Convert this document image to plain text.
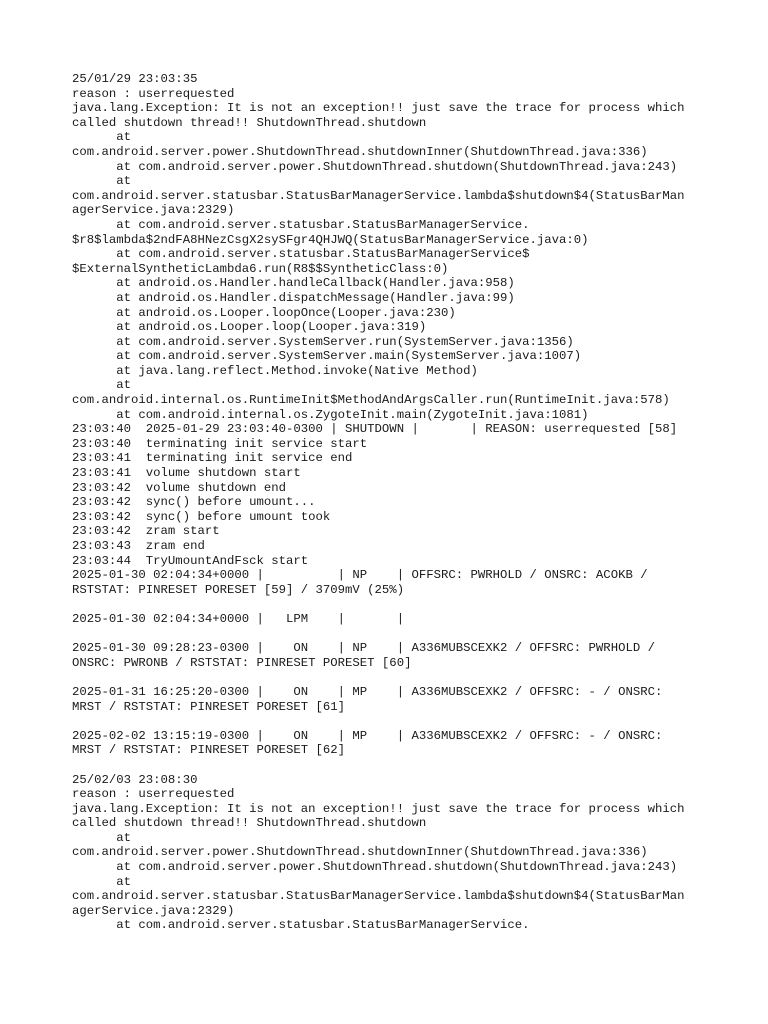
25/01/29 23:03:35
reason : userrequested
java.lang.Exception: It is not an exception!! just save the trace for process which
called shutdown thread!! ShutdownThread.shutdown
at
com.android.server.power.ShutdownThread.shutdownInner(ShutdownThread.java:336)
at com.android.server.power.ShutdownThread.shutdown(ShutdownThread.java:243)
at
com.android.server.statusbar.StatusBarManagerService.lambda$shutdown$4(StatusBarMan
agerService.java:2329)
at com.android.server.statusbar.StatusBarManagerService.
$r8$lambda$2ndFA8HNezCsgX2sySFgr4QHJWQ(StatusBarManagerService.java:0)
at com.android.server.statusbar.StatusBarManagerService$
$ExternalSyntheticLambda6.run(R8$$SyntheticClass:0)
at android.os.Handler.handleCallback(Handler.java:958)
at android.os.Handler.dispatchMessage(Handler.java:99)
at android.os.Looper.loopOnce(Looper.java:230)
at android.os.Looper.loop(Looper.java:319)
at com.android.server.SystemServer.run(SystemServer.java:1356)
at com.android.server.SystemServer.main(SystemServer.java:1007)
at java.lang.reflect.Method.invoke(Native Method)
at
com.android.internal.os.RuntimeInit$MethodAndArgsCaller.run(RuntimeInit.java:578)
at com.android.internal.os.ZygoteInit.main(ZygoteInit.java:1081)
23:03:40  2025-01-29 23:03:40-0300 | SHUTDOWN |       | REASON: userrequested [58]
23:03:40  terminating init service start
23:03:41  terminating init service end
23:03:41  volume shutdown start
23:03:42  volume shutdown end
23:03:42  sync() before umount...
23:03:42  sync() before umount took
23:03:42  zram start
23:03:43  zram end
23:03:44  TryUmountAndFsck start
2025-01-30 02:04:34+0000 |          | NP    | OFFSRC: PWRHOLD / ONSRC: ACOKB /
RSTSTAT: PINRESET PORESET [59] / 3709mV (25%)
2025-01-30 02:04:34+0000 |   LPM    |       |
2025-01-30 09:28:23-0300 |    ON    | NP    | A336MUBSCEXK2 / OFFSRC: PWRHOLD /
ONSRC: PWRONB / RSTSTAT: PINRESET PORESET [60]
2025-01-31 16:25:20-0300 |    ON    | MP    | A336MUBSCEXK2 / OFFSRC: - / ONSRC:
MRST / RSTSTAT: PINRESET PORESET [61]
2025-02-02 13:15:19-0300 |    ON    | MP    | A336MUBSCEXK2 / OFFSRC: - / ONSRC:
MRST / RSTSTAT: PINRESET PORESET [62]
25/02/03 23:08:30
reason : userrequested
java.lang.Exception: It is not an exception!! just save the trace for process which
called shutdown thread!! ShutdownThread.shutdown
at
com.android.server.power.ShutdownThread.shutdownInner(ShutdownThread.java:336)
at com.android.server.power.ShutdownThread.shutdown(ShutdownThread.java:243)
at
com.android.server.statusbar.StatusBarManagerService.lambda$shutdown$4(StatusBarMan
agerService.java:2329)
at com.android.server.statusbar.StatusBarManagerService.
